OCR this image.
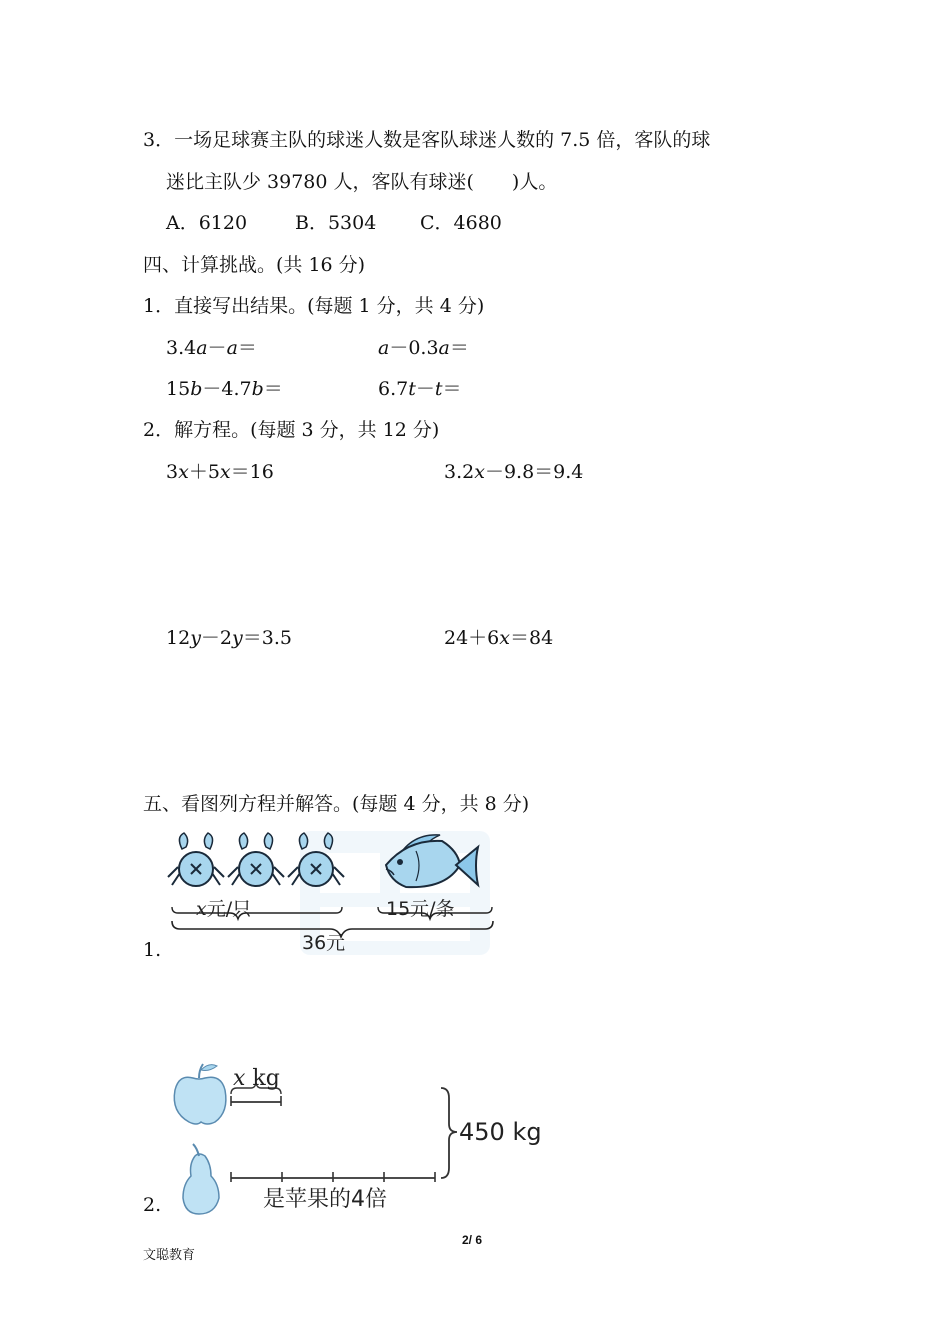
3．一场足球赛主队的球迷人数是客队球迷人数的 7.5 倍，客队的球
迷比主队少 39780 人，客队有球迷(　　)人。
A．6120	B．5304 C．4680
四、计算挑战。(共 16 分)
1．直接写出结果。(每题 1 分，共 4 分)
3.4a－a＝	a－0.3a＝
15b－4.7b＝	6.7t－t＝
2．解方程。(每题 3 分，共 12 分)
3x＋5x＝16	3.2x－9.8＝9.4
12y－2y＝3.5	24＋6x＝84
五、看图列方程并解答。(每题 4 分，共 8 分)
1.
x元/只	15元/条
36元
2.
x kg
是苹果的4倍
450 kg
2/ 6
文聪教育
